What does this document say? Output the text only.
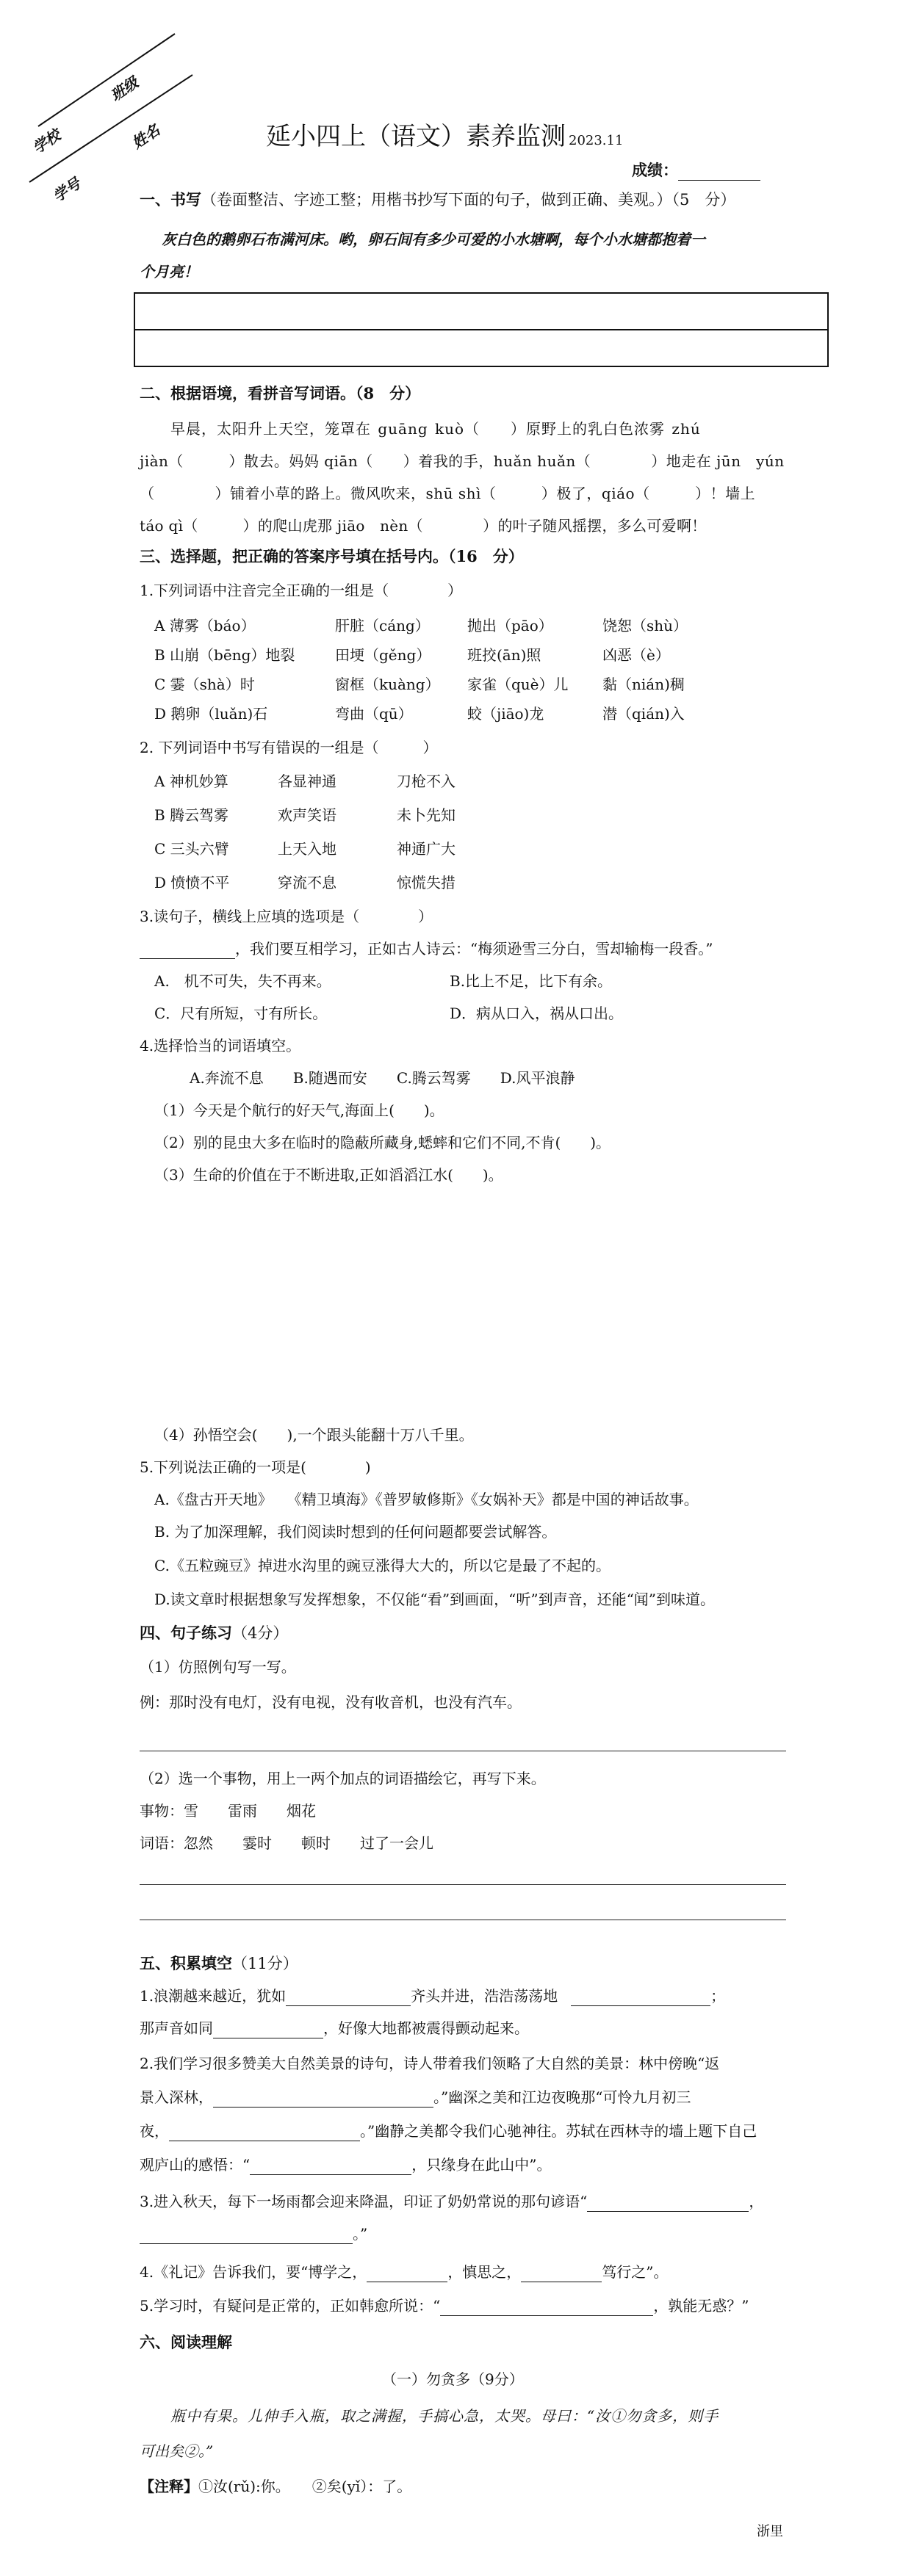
学校
班级
学号
姓名	延小四上（语文）素养监测 2023.11
成绩：
一、书写（卷面整洁、字迹工整；用楷书抄写下面的句子，做到正确、美观。）（5　分）
灰白色的鹅卵石布满河床。哟，卵石间有多少可爱的小水塘啊，每个小水塘都抱着一
个月亮！
二、根据语境，看拼音写词语。（8　分）
早晨，太阳升上天空，笼罩在 guāng kuò（　　）原野上的乳白色浓雾 zhú
jiàn（　　　）散去。妈妈 qiān（　　）着我的手，huǎn huǎn（　　　　）地走在 jūn　yún
（　　　　）铺着小草的路上。微风吹来，shū shì（　　　）极了，qiáo（　　　）！墙上
táo qì（　　　）的爬山虎那 jiāo　nèn（　　　　）的叶子随风摇摆，多么可爱啊！
三、选择题，把正确的答案序号填在括号内。（16　分）
1.下列词语中注音完全正确的一组是（　　　　）
A 薄雾（báo）	肝脏（cáng）	抛出（pāo）	饶恕（shù）
B 山崩（bēng）地裂	田埂（gěng） 班挍(ān)照	凶恶（è）
C 霎（shà）时	窗框（kuàng） 家雀（què）儿 黏（nián)稠
D 鹅卵（luǎn)石	弯曲（qū）	蛟（jiāo)龙	潜（qián)入
2. 下列词语中书写有错误的一组是（　　　）
A 神机妙算	各显神通	刀枪不入
B 腾云驾雾	欢声笑语	未卜先知
C 三头六臂	上天入地	神通广大
D 愤愤不平	穿流不息	惊慌失措
3.读句子，横线上应填的选项是（　　　　）
，我们要互相学习，正如古人诗云：“梅须逊雪三分白，雪却输梅一段香。”
A.　机不可失，失不再来。	B.比上不足，比下有余。
C．尺有所短，寸有所长。	D．病从口入，祸从口出。
4.选择恰当的词语填空。
A.奔流不息　　B.随遇而安　　C.腾云驾雾　　D.风平浪静
（1）今天是个航行的好天气,海面上(　　)。
（2）别的昆虫大多在临时的隐蔽所藏身,蟋蟀和它们不同,不肯(　　)。
（3）生命的价值在于不断进取,正如滔滔江水(　　)。
（4）孙悟空会(　　),一个跟头能翻十万八千里。
5.下列说法正确的一项是(　　　　)
A.《盘古开天地》　　《精卫填海》《普罗敏修斯》《女娲补天》都是中国的神话故事。
B. 为了加深理解，我们阅读时想到的任何问题都要尝试解答。
C.《五粒豌豆》掉进水沟里的豌豆涨得大大的，所以它是最了不起的。
D.读文章时根据想象写发挥想象，不仅能“看”到画面，“听”到声音，还能“闻”到味道。
四、句子练习（4分）
（1）仿照例句写一写。
例：那时没有电灯，没有电视，没有收音机，也没有汽车。
（2）选一个事物，用上一两个加点的词语描绘它，再写下来。
事物：雪　　雷雨　　烟花
词语：忽然　　霎时　　顿时　　过了一会儿
五、积累填空（11分）
1.浪潮越来越近，犹如	齐头并进，浩浩荡荡地	；
那声音如同	，好像大地都被震得颤动起来。
2.我们学习很多赞美大自然美景的诗句，诗人带着我们领略了大自然的美景：林中傍晚“返
景入深林，	。”幽深之美和江边夜晚那“可怜九月初三
夜，	。”幽静之美都令我们心驰神往。苏轼在西林寺的墙上题下自己
观庐山的感悟：“	，只缘身在此山中”。
3.进入秋天，每下一场雨都会迎来降温，印证了奶奶常说的那句谚语“	，
。”
4.《礼记》告诉我们，要“博学之，	，慎思之，	笃行之”。
5.学习时，有疑问是正常的，正如韩愈所说：“	，孰能无惑？”
六、阅读理解
（一）勿贪多（9分）
瓶中有果。儿伸手入瓶，取之满握，手搞心急，太哭。母曰：“汝①勿贪多，则手
可出矣②。”
【注释】①汝(rǔ):你。　　②矣(yǐ）：了。
浙里
